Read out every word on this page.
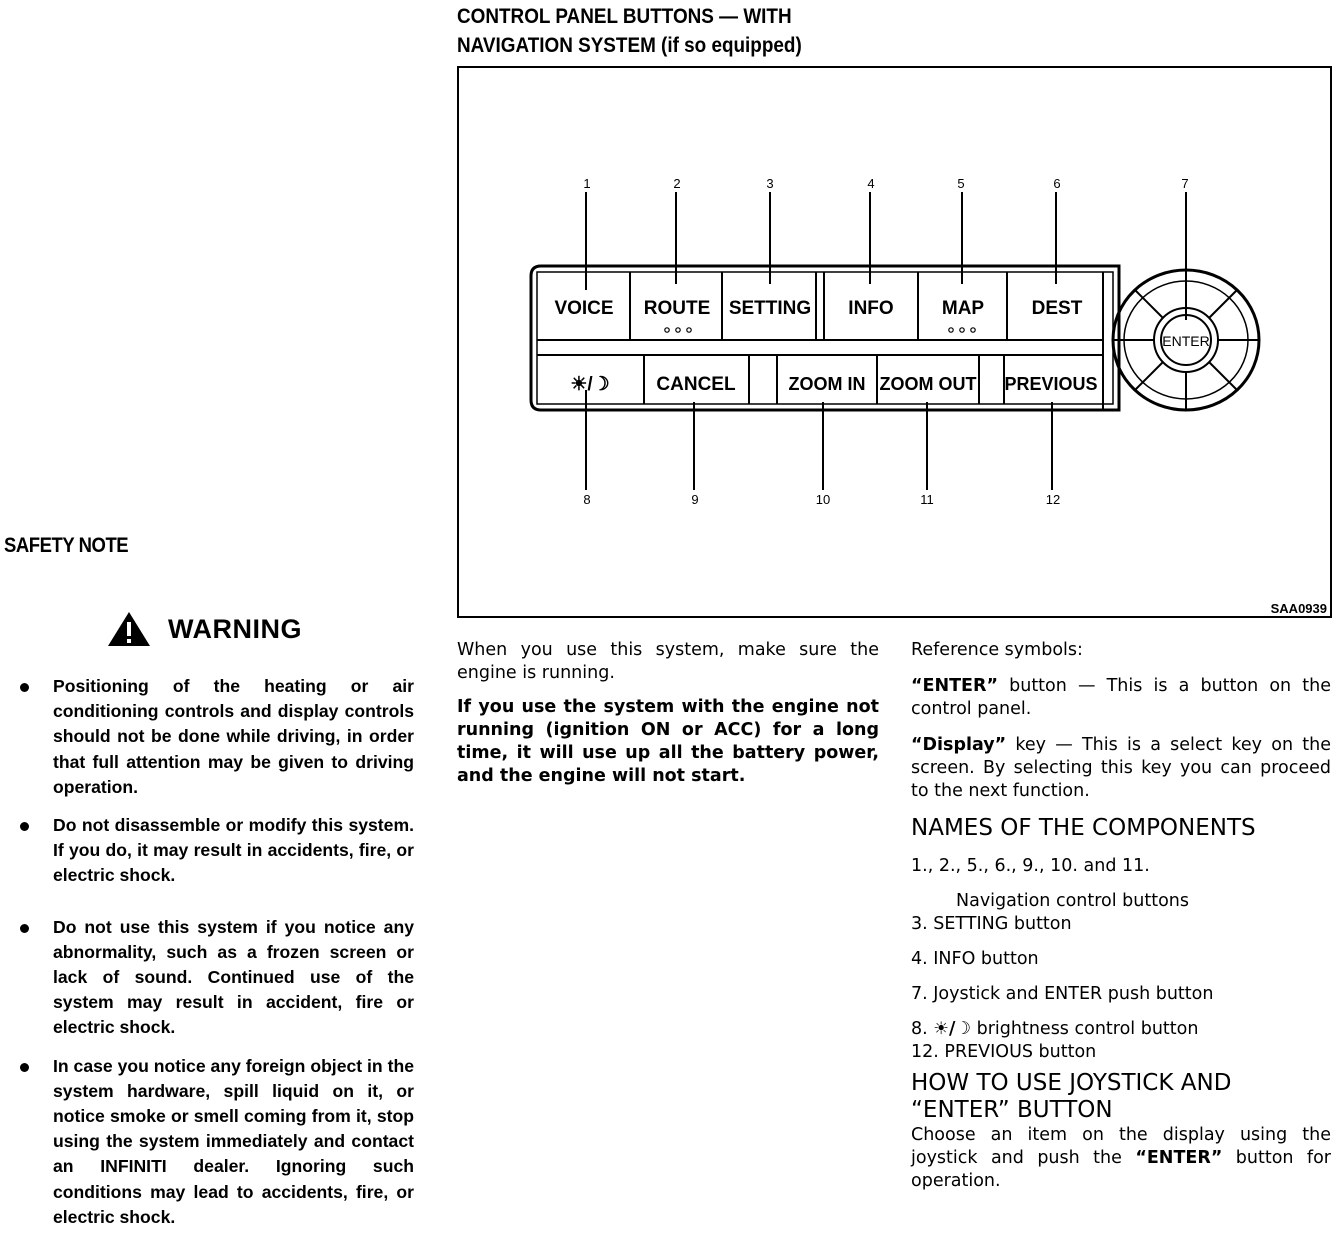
SAFETY NOTE
WARNING
Positioning of the heating or air conditioning controls and display controls should not be done while driving, in order that full attention may be given to driving operation.
Do not disassemble or modify this system. If you do, it may result in accidents, fire, or electric shock.
Do not use this system if you notice any abnormality, such as a frozen screen or lack of sound. Continued use of the system may result in accident, fire or electric shock.
In case you notice any foreign object in the system hardware, spill liquid on it, or notice smoke or smell coming from it, stop using the system immediately and contact an INFINITI dealer. Ignoring such conditions may lead to accidents, fire, or electric shock.
CONTROL PANEL BUTTONS — WITH
NAVIGATION SYSTEM (if so equipped)
VOICE ROUTE SETTING INFO	MAP	DEST
☀/☽ CANCEL	ZOOM IN ZOOM OUT PREVIOUS
ENTER
1	2	3	4	5	6	7
8	9	10	11	12
SAA0939

When you use this system, make sure the engine is running.

If you use the system with the engine not running (ignition ON or ACC) for a long time, it will use up all the battery power, and the engine will not start.

Reference symbols:

“ENTER” button — This is a button on the control panel.

“Display” key — This is a select key on the screen. By selecting this key you can proceed to the next function.

NAMES OF THE COMPONENTS
1., 2., 5., 6., 9., 10. and 11.
Navigation control buttons
3. SETTING button
4. INFO button
7. Joystick and ENTER push button
8. ☀/☽ brightness control button
12. PREVIOUS button
HOW TO USE JOYSTICK AND
“ENTER” BUTTON

Choose an item on the display using the joystick and push the “ENTER” button for operation.
